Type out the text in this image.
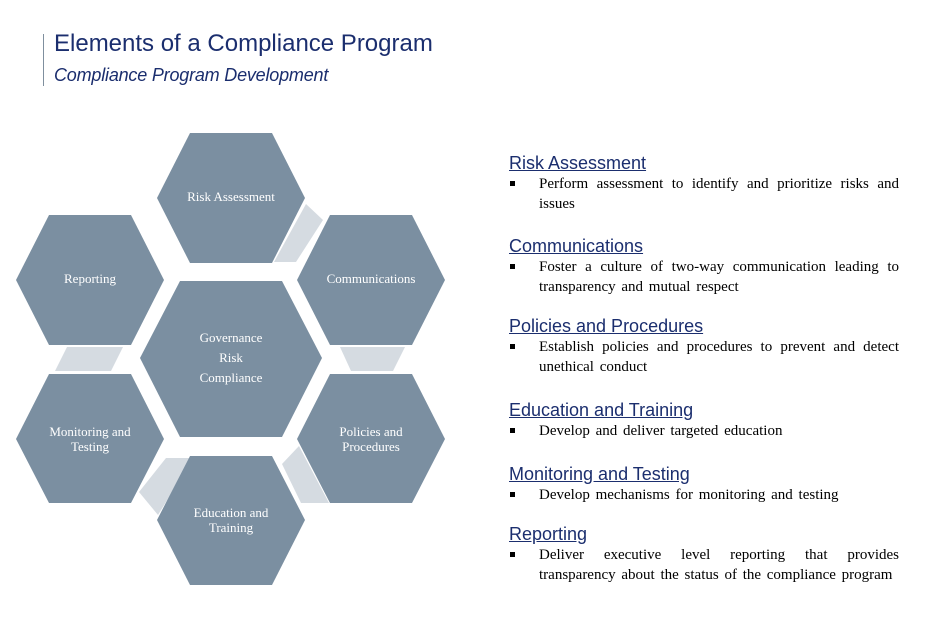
Elements of a Compliance Program
Compliance Program Development
Governance
Risk
Compliance
Risk Assessment
Communications
Policies and
Procedures
Education and
Training
Monitoring and
Testing
Reporting
Risk Assessment
Perform assessment to identify and prioritize risks and issues
Communications
Foster a culture of two-way communication leading to transparency and mutual respect
Policies and Procedures
Establish policies and procedures to prevent and detect unethical conduct
Education and Training
Develop and deliver targeted education
Monitoring and Testing
Develop mechanisms for monitoring and testing
Reporting
Deliver executive level reporting that provides transparency about the status of the compliance program
